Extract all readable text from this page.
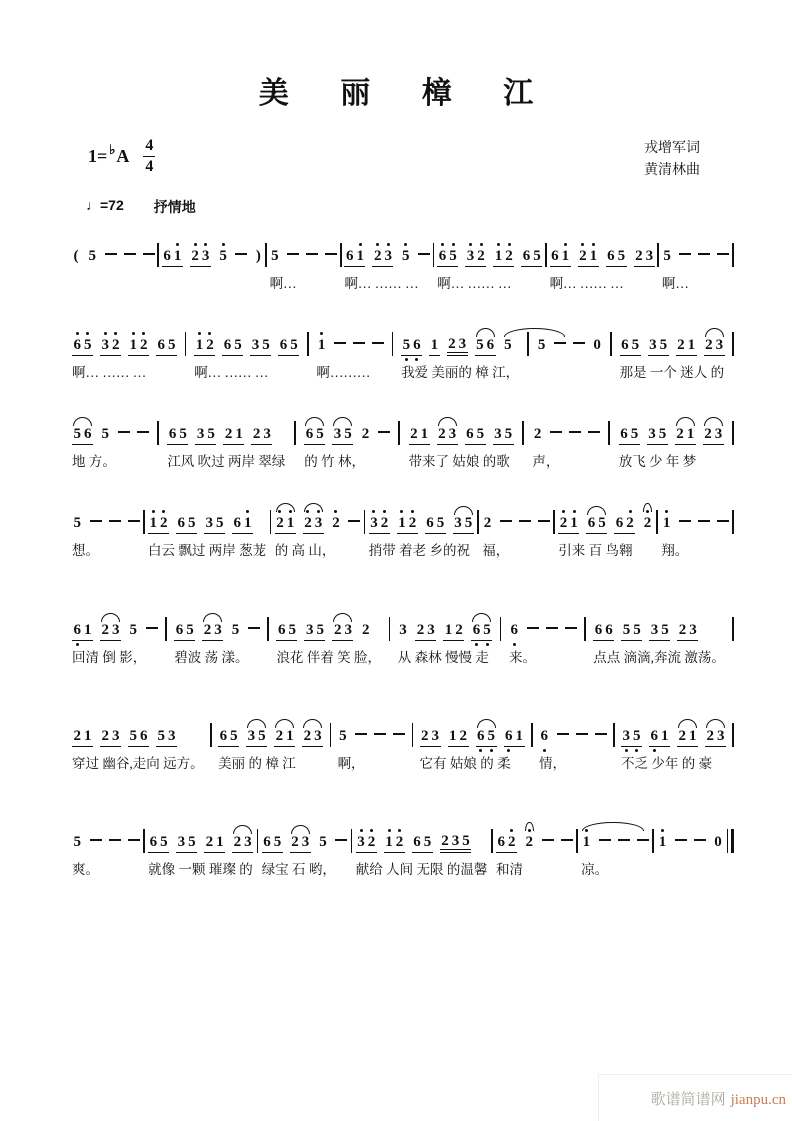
美 丽 樟 江
1= ♭ A $\frac{4}{4}$	戎增军词
黄清林曲
♩=72 抒情地
( 5	6 1 2 3 5 ) 5
啊…
6 1 2 3 5
啊… …… …
6 5 3 2 1 2 6 5
啊… …… …
6 1 2 1 6 5 2 3
啊… …… …
5
啊…
6 5 3 2 1 2 6 5
啊… …… …
1 2 6 5 3 5 6 5
啊… …… …
1
啊………
5 6 1 2 3 5 6 5
我爱 美丽的 樟 江，
5	0 6 5 3 5 2 1 2 3
那是 一个 迷人 的
5 6 5
地 方。
6 5 3 5 2 1 2 3
江风 吹过 两岸 翠绿
6 5 3 5 2
的 竹 林，
2 1 2 3 6 5 3 5
带来了 姑娘 的歌
2
声，
6 5 3 5 2 1 2 3
放飞 少 年 梦
5
想。
1 2 6 5 3 5 6 1
白云 飘过 两岸 葱茏
2 1 2 3 2
的 高 山，
3 2 1 2 6 5 3 5
捎带 着老 乡的祝
2
福，
2 1 6 5 6 2 2
引来 百 鸟翱
1
翔。
6 1 2 3 5
回清 倒 影，
6 5 2 3 5
碧波 荡 漾。
6 5 3 5 2 3 2
浪花 伴着 笑 脸，
3 2 3 1 2 6 5
从 森林 慢慢 走
6
来。
6 6 5 5 3 5 2 3
点点 滴滴,奔流 激荡。
2 1 2 3 5 6 5 3
穿过 幽谷,走向 远方。
6 5 3 5 2 1 2 3
美丽 的 樟 江
5
啊，
2 3 1 2 6 5 6 1
它有 姑娘 的 柔
6
情，
3 5 6 1 2 1 2 3
不乏 少年 的 豪
5
爽。
6 5 3 5 2 1 2 3
就像 一颗 璀璨 的
6 5 2 3 5
绿宝 石 哟，
3 2 1 2 6 5 2 3 5
献给 人间 无限 的温馨
6 2 2
和清
1
凉。
1	0
歌谱简谱网 jianpu.cn
